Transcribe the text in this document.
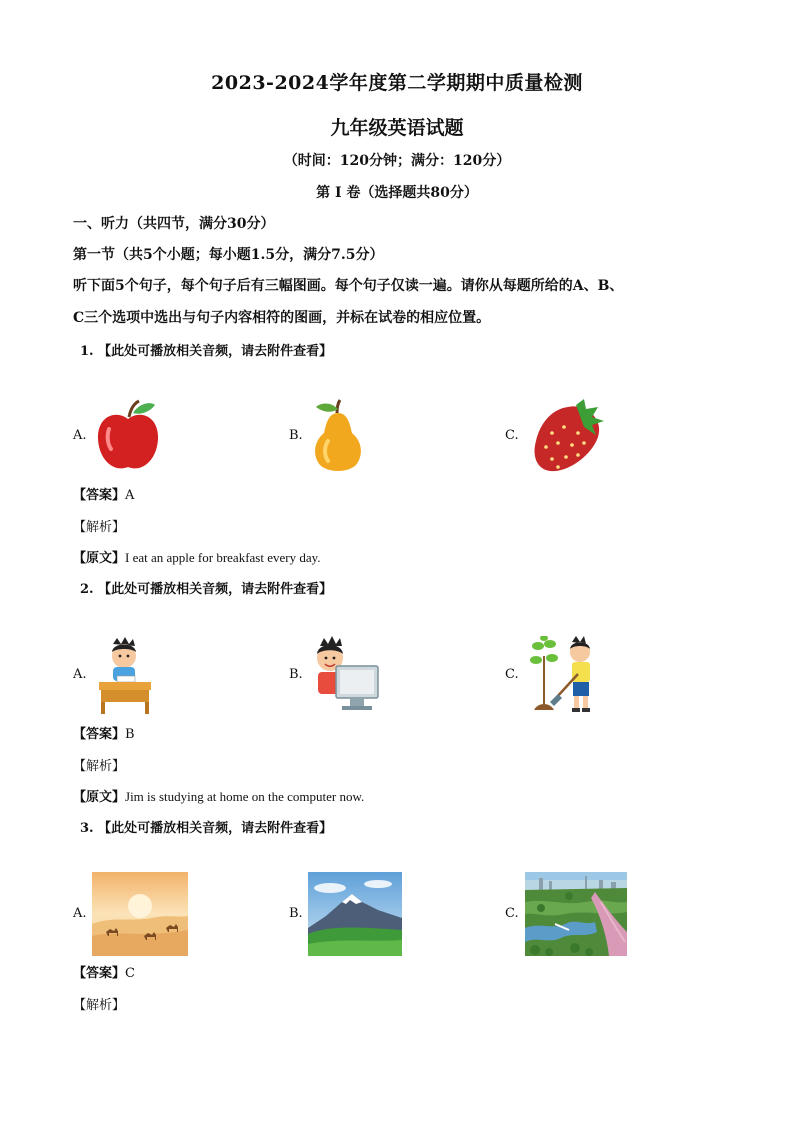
2023-2024学年度第二学期期中质量检测
九年级英语试题
（时间：120分钟；满分：120分）
第 I 卷（选择题共80分）
一、听力（共四节，满分30分）
第一节（共5个小题；每小题1.5分，满分7.5分）
听下面5个句子，每个句子后有三幅图画。每个句子仅读一遍。请你从每题所给的A、B、
C三个选项中选出与句子内容相符的图画，并标在试卷的相应位置。
1. 【此处可播放相关音频，请去附件查看】
A.	B.	C.
【答案】A
【解析】
【原文】I eat an apple for breakfast every day.
2. 【此处可播放相关音频，请去附件查看】
A.	B.	C.
【答案】B
【解析】
【原文】Jim is studying at home on the computer now.
3. 【此处可播放相关音频，请去附件查看】
A.	B.	C.
【答案】C
【解析】
